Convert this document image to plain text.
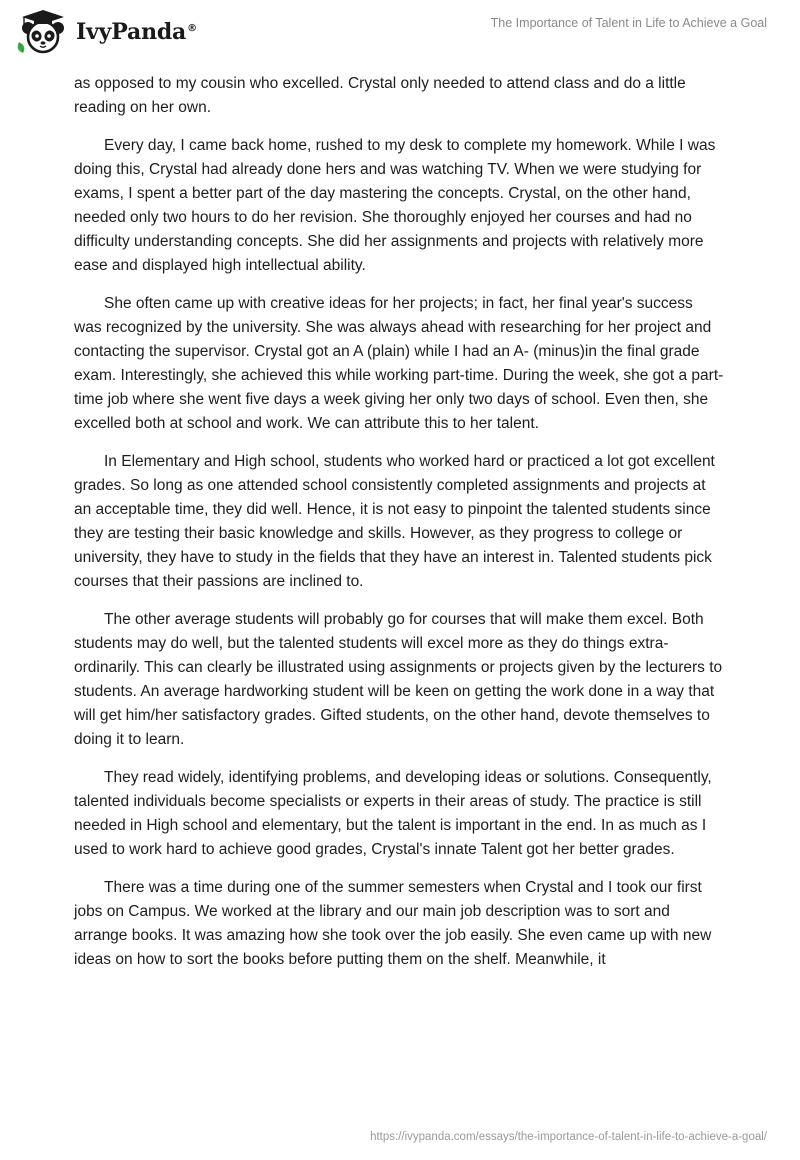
IvyPanda®	The Importance of Talent in Life to Achieve a Goal

as opposed to my cousin who excelled. Crystal only needed to attend class and do a little reading on her own.

Every day, I came back home, rushed to my desk to complete my homework. While I was doing this, Crystal had already done hers and was watching TV. When we were studying for exams, I spent a better part of the day mastering the concepts. Crystal, on the other hand, needed only two hours to do her revision. She thoroughly enjoyed her courses and had no difficulty understanding concepts. She did her assignments and projects with relatively more ease and displayed high intellectual ability.

She often came up with creative ideas for her projects; in fact, her final year's success was recognized by the university. She was always ahead with researching for her project and contacting the supervisor. Crystal got an A (plain) while I had an A- (minus)in the final grade exam. Interestingly, she achieved this while working part-time. During the week, she got a part-time job where she went five days a week giving her only two days of school. Even then, she excelled both at school and work. We can attribute this to her talent.

In Elementary and High school, students who worked hard or practiced a lot got excellent grades. So long as one attended school consistently completed assignments and projects at an acceptable time, they did well. Hence, it is not easy to pinpoint the talented students since they are testing their basic knowledge and skills. However, as they progress to college or university, they have to study in the fields that they have an interest in. Talented students pick courses that their passions are inclined to.

The other average students will probably go for courses that will make them excel. Both students may do well, but the talented students will excel more as they do things extra-ordinarily. This can clearly be illustrated using assignments or projects given by the lecturers to students. An average hardworking student will be keen on getting the work done in a way that will get him/her satisfactory grades. Gifted students, on the other hand, devote themselves to doing it to learn.

They read widely, identifying problems, and developing ideas or solutions. Consequently, talented individuals become specialists or experts in their areas of study. The practice is still needed in High school and elementary, but the talent is important in the end. In as much as I used to work hard to achieve good grades, Crystal's innate Talent got her better grades.

There was a time during one of the summer semesters when Crystal and I took our first jobs on Campus. We worked at the library and our main job description was to sort and arrange books. It was amazing how she took over the job easily. She even came up with new ideas on how to sort the books before putting them on the shelf. Meanwhile, it

https://ivypanda.com/essays/the-importance-of-talent-in-life-to-achieve-a-goal/
